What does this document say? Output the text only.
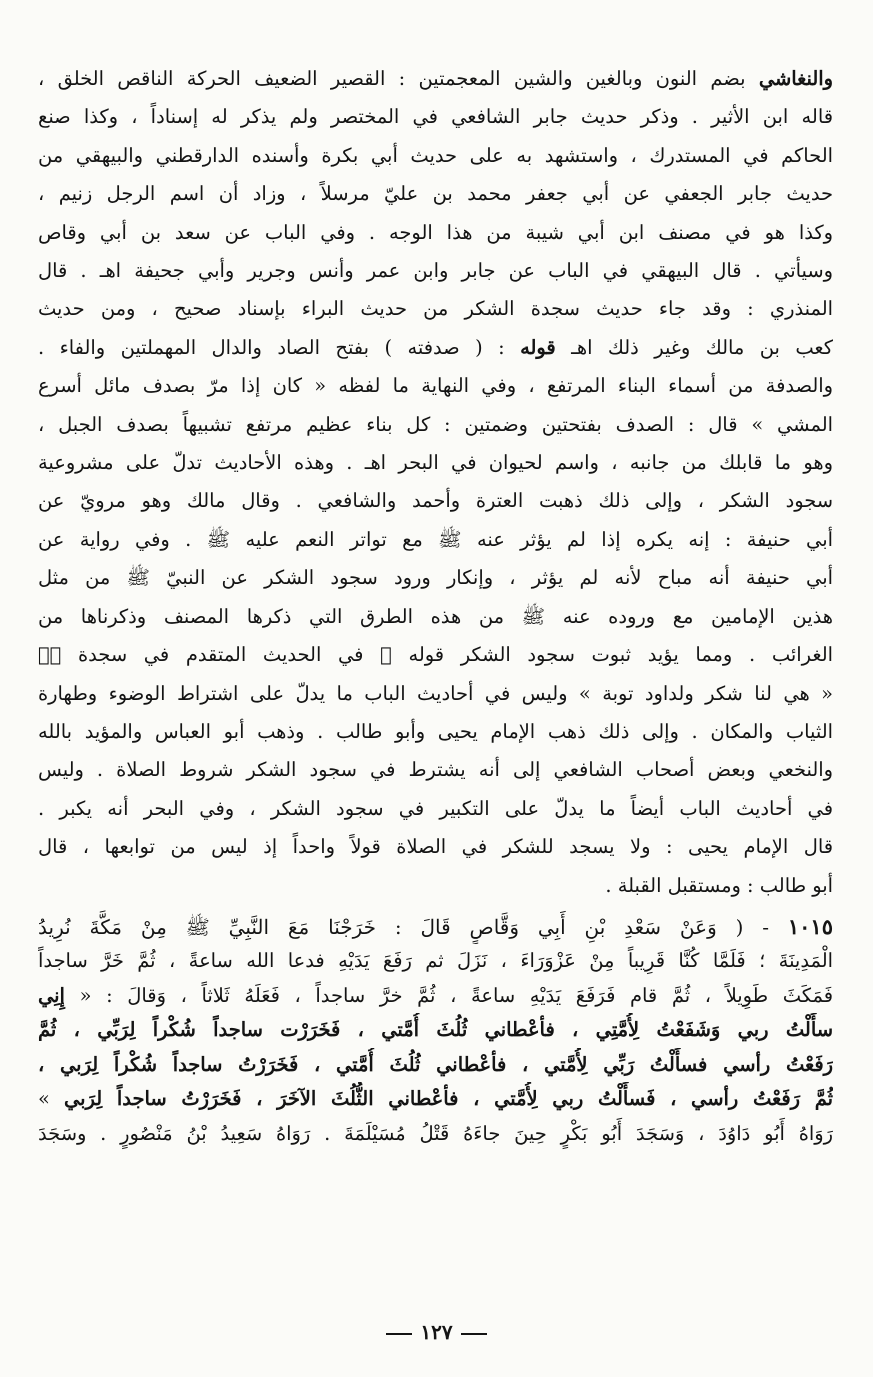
والنغاشي بضم النون وبالغين والشين المعجمتين : القصير الضعيف الحركة الناقص الخلق ،

قاله ابن الأثير . وذكر حديث جابر الشافعي في المختصر ولم يذكر له إسناداً ، وكذا صنع

الحاكم في المستدرك ، واستشهد به على حديث أبي بكرة وأسنده الدارقطني والبيهقي من

حديث جابر الجعفي عن أبي جعفر محمد بن عليّ مرسلاً ، وزاد أن اسم الرجل زنيم ،

وكذا هو في مصنف ابن أبي شيبة من هذا الوجه . وفي الباب عن سعد بن أبي وقاص

وسيأتي . قال البيهقي في الباب عن جابر وابن عمر وأنس وجرير وأبي جحيفة اهـ . قال

المنذري : وقد جاء حديث سجدة الشكر من حديث البراء بإسناد صحيح ، ومن حديث

كعب بن مالك وغير ذلك اهـ قوله : ( صدفته ) بفتح الصاد والدال المهملتين والفاء .

والصدفة من أسماء البناء المرتفع ، وفي النهاية ما لفظه « كان إذا مرّ بصدف مائل أسرع

المشي » قال : الصدف بفتحتين وضمتين : كل بناء عظيم مرتفع تشبيهاً بصدف الجبل ،

وهو ما قابلك من جانبه ، واسم لحيوان في البحر اهـ . وهذه الأحاديث تدلّ على مشروعية

سجود الشكر ، وإلى ذلك ذهبت العترة وأحمد والشافعي . وقال مالك وهو مرويّ عن

أبي حنيفة : إنه يكره إذا لم يؤثر عنه ﷺ مع تواتر النعم عليه ﷺ . وفي رواية عن

أبي حنيفة أنه مباح لأنه لم يؤثر ، وإنكار ورود سجود الشكر عن النبيّ ﷺ من مثل

هذين الإمامين مع وروده عنه ﷺ من هذه الطرق التي ذكرها المصنف وذكرناها من

الغرائب . ومما يؤيد ثبوت سجود الشكر قوله ﷺ في الحديث المتقدم في سجدة صۤ

« هي لنا شكر ولداود توبة » وليس في أحاديث الباب ما يدلّ على اشتراط الوضوء وطهارة

الثياب والمكان . وإلى ذلك ذهب الإمام يحيى وأبو طالب . وذهب أبو العباس والمؤيد بالله

والنخعي وبعض أصحاب الشافعي إلى أنه يشترط في سجود الشكر شروط الصلاة . وليس

في أحاديث الباب أيضاً ما يدلّ على التكبير في سجود الشكر ، وفي البحر أنه يكبر .

قال الإمام يحيى : ولا يسجد للشكر في الصلاة قولاً واحداً إذ ليس من توابعها ، قال

أبو طالب : ومستقبل القبلة .

١٠١٥ - ( وَعَنْ سَعْدِ بْنِ أَبِي وَقَّاصٍ قَالَ : خَرَجْنَا مَعَ النَّبِيِّ ﷺ مِنْ مَكَّةَ نُرِيدُ

الْمَدِينَةَ ؛ فَلَمَّا كُنَّا قَرِيباً مِنْ عَزْوَرَاءَ ، نَزَلَ ثم رَفَعَ يَدَيْهِ فدعا الله ساعةً ، ثُمَّ خَرَّ ساجداً

فَمَكَثَ طَوِيلاً ، ثُمَّ قام فَرَفَعَ يَدَيْهِ ساعةً ، ثُمَّ خرَّ ساجداً ، فَعَلَهُ ثَلاثاً ، وَقالَ : « إِنِي

سأَلْتُ ربي وَشَفَعْتُ لِأُمَّتِي ، فأعْطاني ثُلُثَ أُمَّتي ، فَخَرَرْت ساجداً شُكْراً لِرَبِّي ، ثُمَّ

رَفَعْتُ رأسي فسأَلْتُ رَبِّي لِأُمَّتي ، فأعْطاني ثُلُثَ أُمَّتي ، فَخَرَرْتُ ساجداً شُكْراً لِرَبي ،

ثُمَّ رَفَعْتُ رأسي ، فَسأَلْتُ ربي لِأُمَّتي ، فأعْطاني الثُّلُثَ الآخَرَ ، فَخَرَرْتُ ساجداً لِرَبي »

رَوَاهُ أَبُو دَاوُدَ ، وَسَجَدَ أَبُو بَكْرٍ حِينَ جاءَهُ قَتْلُ مُسَيْلَمَةَ . رَوَاهُ سَعِيدُ بْنُ مَنْصُورٍ . وسَجَدَ

١٢٧
